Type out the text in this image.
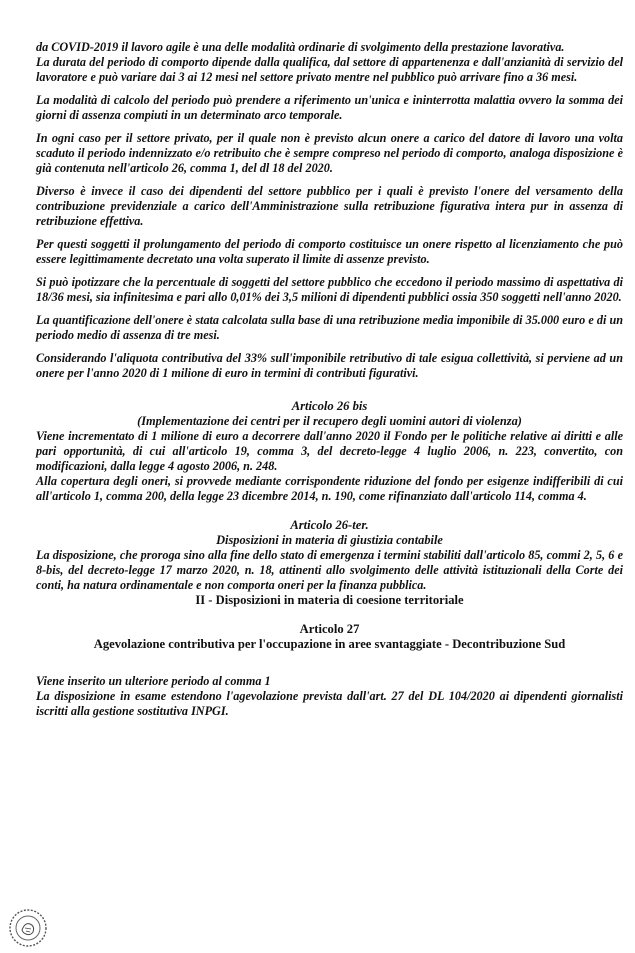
da COVID-2019 il lavoro agile è una delle modalità ordinarie di svolgimento della prestazione lavorativa.

La durata del periodo di comporto dipende dalla qualifica, dal settore di appartenenza e dall'anzianità di servizio del lavoratore e può variare dai 3 ai 12 mesi nel settore privato mentre nel pubblico può arrivare fino a 36 mesi.

La modalità di calcolo del periodo può prendere a riferimento un'unica e ininterrotta malattia ovvero la somma dei giorni di assenza compiuti in un determinato arco temporale.

In ogni caso per il settore privato, per il quale non è previsto alcun onere a carico del datore di lavoro una volta scaduto il periodo indennizzato e/o retribuito che è sempre compreso nel periodo di comporto, analoga disposizione è già contenuta nell'articolo 26, comma 1, del dl 18 del 2020.

Diverso è invece il caso dei dipendenti del settore pubblico per i quali è previsto l'onere del versamento della contribuzione previdenziale a carico dell'Amministrazione sulla retribuzione figurativa intera pur in assenza di retribuzione effettiva.

Per questi soggetti il prolungamento del periodo di comporto costituisce un onere rispetto al licenziamento che può essere legittimamente decretato una volta superato il limite di assenze previsto.

Si può ipotizzare che la percentuale di soggetti del settore pubblico che eccedono il periodo massimo di aspettativa di 18/36 mesi, sia infinitesima e pari allo 0,01% dei 3,5 milioni di dipendenti pubblici ossia 350 soggetti nell'anno 2020.

La quantificazione dell'onere è stata calcolata sulla base di una retribuzione media imponibile di 35.000 euro e di un periodo medio di assenza di tre mesi.

Considerando l'aliquota contributiva del 33% sull'imponibile retributivo di tale esigua collettività, si perviene ad un onere per l'anno 2020 di 1 milione di euro in termini di contributi figurativi.

Articolo 26 bis

(Implementazione dei centri per il recupero degli uomini autori di violenza)

Viene incrementato di 1 milione di euro a decorrere dall'anno 2020 il Fondo per le politiche relative ai diritti e alle pari opportunità, di cui all'articolo 19, comma 3, del decreto-legge 4 luglio 2006, n. 223, convertito, con modificazioni, dalla legge 4 agosto 2006, n. 248.

Alla copertura degli oneri, si provvede mediante corrispondente riduzione del fondo per esigenze indifferibili di cui all'articolo 1, comma 200, della legge 23 dicembre 2014, n. 190, come rifinanziato dall'articolo 114, comma 4.

Articolo 26-ter.

Disposizioni in materia di giustizia contabile

La disposizione, che proroga sino alla fine dello stato di emergenza i termini stabiliti dall'articolo 85, commi 2, 5, 6 e 8-bis, del decreto-legge 17 marzo 2020, n. 18, attinenti allo svolgimento delle attività istituzionali della Corte dei conti, ha natura ordinamentale e non comporta oneri per la finanza pubblica.

II - Disposizioni in materia di coesione territoriale

Articolo 27

Agevolazione contributiva per l'occupazione in aree svantaggiate - Decontribuzione Sud

Viene inserito un ulteriore periodo al comma 1

La disposizione in esame estendono l'agevolazione prevista dall'art. 27 del DL 104/2020 ai dipendenti giornalisti iscritti alla gestione sostitutiva INPGI.
